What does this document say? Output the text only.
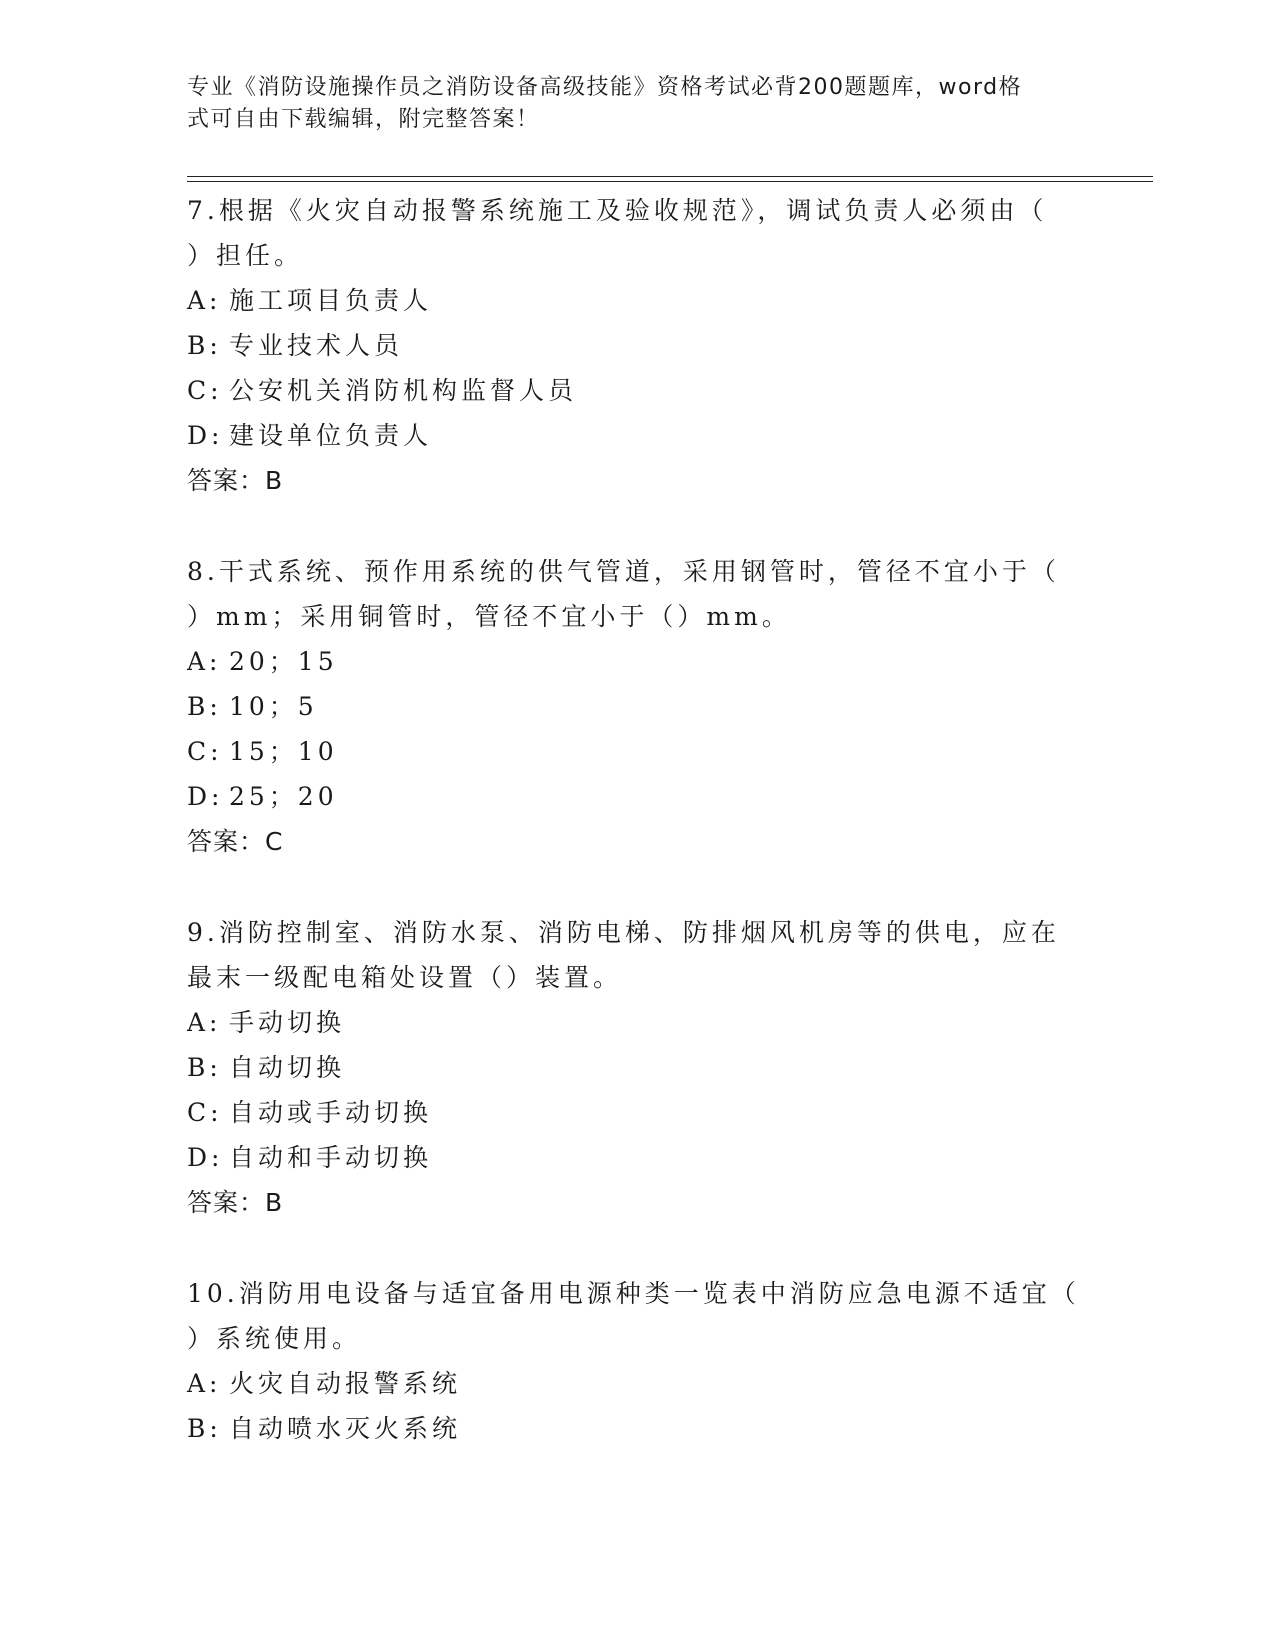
专业《消防设施操作员之消防设备高级技能》资格考试必背200题题库，word格
式可自由下载编辑，附完整答案！
7.根据《火灾自动报警系统施工及验收规范》，调试负责人必须由（
）担任。
A: 施工项目负责人
B: 专业技术人员
C: 公安机关消防机构监督人员
D: 建设单位负责人
答案：B
8.干式系统、预作用系统的供气管道，采用钢管时，管径不宜小于（
）mm；采用铜管时，管径不宜小于（）mm。
A: 20；15
B: 10；5
C: 15；10
D: 25；20
答案：C
9.消防控制室、消防水泵、消防电梯、防排烟风机房等的供电，应在
最末一级配电箱处设置（）装置。
A: 手动切换
B: 自动切换
C: 自动或手动切换
D: 自动和手动切换
答案：B
10.消防用电设备与适宜备用电源种类一览表中消防应急电源不适宜（
）系统使用。
A: 火灾自动报警系统
B: 自动喷水灭火系统
